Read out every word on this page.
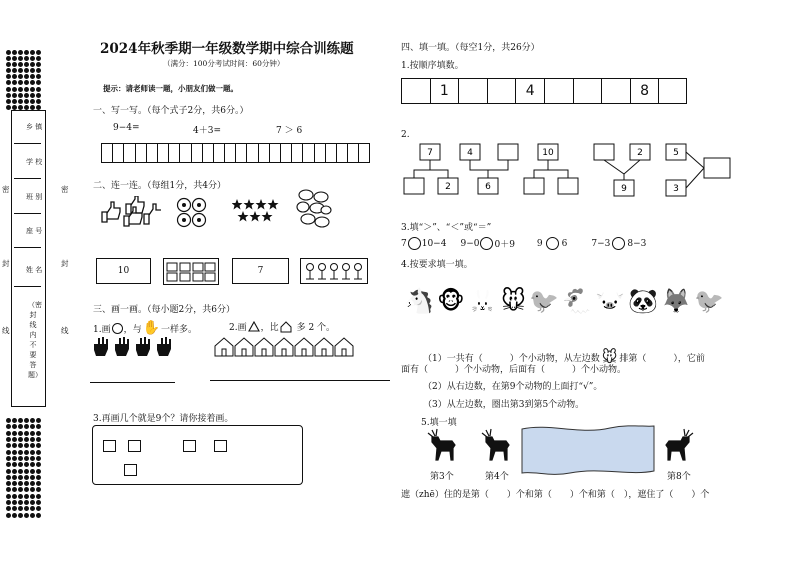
乡 镇
学 校
班 别
座 号
姓 名
（密封线内不要答题）
密	密
封	封
线	线
2024年秋季期一年级数学期中综合训练题
（满分：100分考试时间：60分钟）
提示：请老师读一题，小朋友们做一题。
一、写一写。（每个式子2分，共6分。）
9−4=	4＋3=	7 ＞ 6
二、连一连。（每组1分，共4分）
10	7
三、画一画。（每小题2分，共6分）
1.画 ，与 ✋ 一样多。	2.画 ，比 多 2 个。
3.再画几个就是9个？请你接着画。
四、填一填。（每空1分，共26分）
1.按顺序填数。
1	4	8
2.
7
2
4
6
10	2
9
5
3
3.填“＞”、“＜”或“＝”
7 10−4 9−0 0＋9 9 6	7−3 8−3
4.按要求填一填。
🐴 🐵 🐰 🐭 🐦 🐔 🐷 🐼 🦊 🐦
（1）一共有（　　　）个小动物，从左边数 🐭 排第（　　　），它前
面有（　　　）个小动物，后面有（　　　）个小动物。
（2）从右边数，在第9个动物的上面打“√”。
（3）从左边数，圈出第3到第5个动物。
5.填一填
第3个	第4个	第8个
遮（zhē）住的是第（　　）个和第（　　）个和第（　），遮住了（　　）个
